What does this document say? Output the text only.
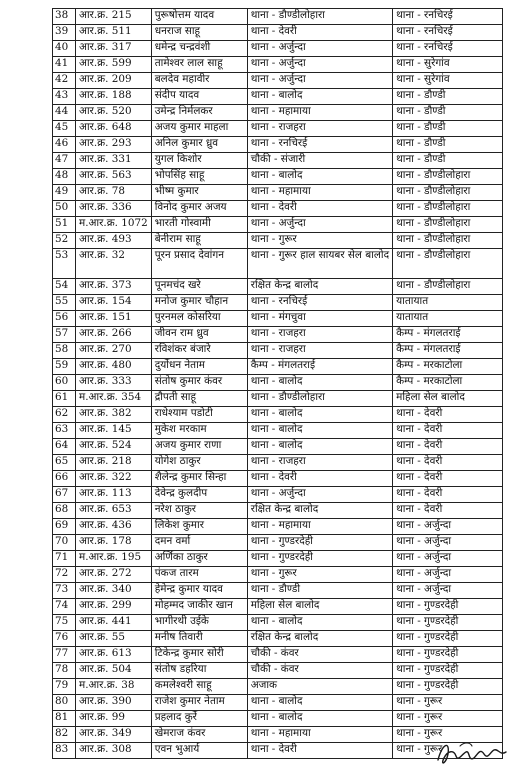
38	आर.क्र. 215	पुरूषोत्तम यादव	थाना - डौण्डीलोहारा	थाना - रनचिरई
39	आर.क्र. 511	धनराज साहू	थाना - देवरी	थाना - रनचिरई
40	आर.क्र. 317	धमेन्द्र चन्द्रवंशी	थाना - अर्जुन्दा	थाना - रनचिरई
41	आर.क्र. 599	तामेश्वर लाल साहू	थाना - अर्जुन्दा	थाना - सुरेगांव
42	आर.क्र. 209	बलदेव महावीर	थाना - अर्जुन्दा	थाना - सुरेगांव
43	आर.क्र. 188	संदीप यादव	थाना - बालोद	थाना - डौण्डी
44	आर.क्र. 520	उमेन्द्र निर्मलकर	थाना - महामाया	थाना - डौण्डी
45	आर.क्र. 648	अजय कुमार माहला	थाना - राजहरा	थाना - डौण्डी
46	आर.क्र. 293	अनिल कुमार ध्रुव	थाना - रनचिरई	थाना - डौण्डी
47	आर.क्र. 331	युगल किशोर	चौकी - संजारी	थाना - डौण्डी
48	आर.क्र. 563	भोपसिंह साहू	थाना - बालोद	थाना - डौण्डीलोहारा
49	आर.क्र. 78	भीष्म कुमार	थाना - महामाया	थाना - डौण्डीलोहारा
50	आर.क्र. 336	विनोद कुमार अजय	थाना - देवरी	थाना - डौण्डीलोहारा
51	म.आर.क्र. 1072	भारती गोस्वामी	थाना - अर्जुन्दा	थाना - डौण्डीलोहारा
52	आर.क्र. 493	बेनीराम साहू	थाना - गुरूर	थाना - डौण्डीलोहारा
53	आर.क्र. 32	पूरन प्रसाद देवांगन	थाना - गुरूर हाल सायबर सेल बालोद	थाना - डौण्डीलोहारा
54	आर.क्र. 373	पूनमचंद खरे	रक्षित केन्द्र बालोद	थाना - डौण्डीलोहारा
55	आर.क्र. 154	मनोज कुमार चौहान	थाना - रनचिरई	यातायात
56	आर.क्र. 151	पुरनमल कोसरिया	थाना - मंगचुवा	यातायात
57	आर.क्र. 266	जीवन राम ध्रुव	थाना - राजहरा	कैम्प - मंगलतराई
58	आर.क्र. 270	रविशंकर बंजारे	थाना - राजहरा	कैम्प - मंगलतराई
59	आर.क्र. 480	दुर्योधन नेताम	कैम्प - मंगलतराई	कैम्प - मरकाटोला
60	आर.क्र. 333	संतोष कुमार कंवर	थाना - बालोद	कैम्प - मरकाटोला
61	म.आर.क्र. 354	द्रौपती साहू	थाना - डौण्डीलोहारा	महिला सेल बालोद
62	आर.क्र. 382	राधेश्याम पडोटी	थाना - बालोद	थाना - देवरी
63	आर.क्र. 145	मुकेश मरकाम	थाना - बालोद	थाना - देवरी
64	आर.क्र. 524	अजय कुमार राणा	थाना - बालोद	थाना - देवरी
65	आर.क्र. 218	योगेश ठाकुर	थाना - राजहरा	थाना - देवरी
66	आर.क्र. 322	शैलेन्द्र कुमार सिन्हा	थाना - देवरी	थाना - देवरी
67	आर.क्र. 113	देवेन्द्र कुलदीप	थाना - अर्जुन्दा	थाना - देवरी
68	आर.क्र. 653	नरेश ठाकुर	रक्षित केन्द्र बालोद	थाना - देवरी
69	आर.क्र. 436	लिकेश कुमार	थाना - महामाया	थाना - अर्जुन्दा
70	आर.क्र. 178	दमन वर्मा	थाना - गुण्डरदेही	थाना - अर्जुन्दा
71	म.आर.क्र. 195	अर्णिका ठाकुर	थाना - गुण्डरदेही	थाना - अर्जुन्दा
72	आर.क्र. 272	पंकज तारम	थाना - गुरूर	थाना - अर्जुन्दा
73	आर.क्र. 340	हेमेन्द्र कुमार यादव	थाना - डौण्डी	थाना - अर्जुन्दा
74	आर.क्र. 299	मोहम्मद जाकीर खान	महिला सेल बालोद	थाना - गुण्डरदेही
75	आर.क्र. 441	भागीरथी उईके	थाना - बालोद	थाना - गुण्डरदेही
76	आर.क्र. 55	मनीष तिवारी	रक्षित केन्द्र बालोद	थाना - गुण्डरदेही
77	आर.क्र. 613	टिकेन्द्र कुमार सोरी	चौकी - कंवर	थाना - गुण्डरदेही
78	आर.क्र. 504	संतोष डहरिया	चौकी - कंवर	थाना - गुण्डरदेही
79	म.आर.क्र. 38	कमलेश्वरी साहू	अजाक	थाना - गुण्डरदेही
80	आर.क्र. 390	राजेश कुमार नेताम	थाना - बालोद	थाना - गुरूर
81	आर.क्र. 99	प्रहलाद कुर्रे	थाना - बालोद	थाना - गुरूर
82	आर.क्र. 349	खेमराज कंवर	थाना - महामाया	थाना - गुरूर
83	आर.क्र. 308	एवन भुआर्य	थाना - देवरी	थाना - गुरूर
